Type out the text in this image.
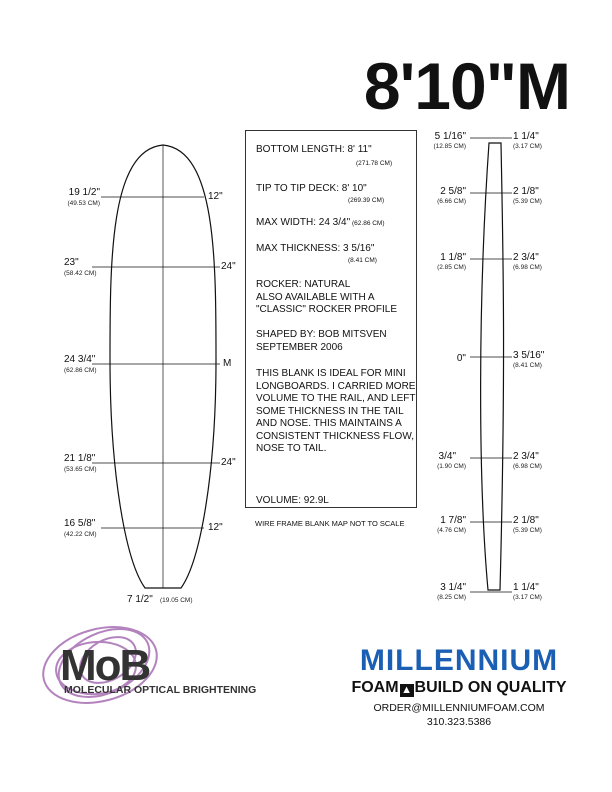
8'10"M
19 1/2"
(49.53 CM)
23"
(58.42 CM)
24 3/4"
(62.86 CM)
21 1/8"
(53.65 CM)
16 5/8"
(42.22 CM)
12"
24"
M
24"
12"
7 1/2" (19.05 CM)
BOTTOM LENGTH: 8' 11"
(271.78 CM)
TIP TO TIP DECK: 8' 10"
(269.39 CM)
MAX WIDTH: 24 3/4" (62.86 CM)
MAX THICKNESS: 3 5/16"
(8.41 CM)
ROCKER: NATURAL
ALSO AVAILABLE WITH A
"CLASSIC" ROCKER PROFILE
SHAPED BY: BOB MITSVEN
SEPTEMBER 2006
THIS BLANK IS IDEAL FOR MINI LONGBOARDS. I CARRIED MORE VOLUME TO THE RAIL, AND LEFT SOME THICKNESS IN THE TAIL AND NOSE. THIS MAINTAINS A CONSISTENT THICKNESS FLOW, NOSE TO TAIL.
VOLUME: 92.9L
WIRE FRAME BLANK MAP NOT TO SCALE
5 1/16"
(12.85 CM)
2 5/8"
(6.66 CM)
1 1/8"
(2.85 CM)
0"
3/4"
(1.90 CM)
1 7/8"
(4.76 CM)
3 1/4"
(8.25 CM)
1 1/4"
(3.17 CM)
2 1/8"
(5.39 CM)
2 3/4"
(6.98 CM)
3 5/16"
(8.41 CM)
2 3/4"
(6.98 CM)
2 1/8"
(5.39 CM)
1 1/4"
(3.17 CM)
MoB
MOLECULAR OPTICAL BRIGHTENING
MILLENNIUM
FOAM ▲ BUILD ON QUALITY
ORDER@MILLENNIUMFOAM.COM
310.323.5386
